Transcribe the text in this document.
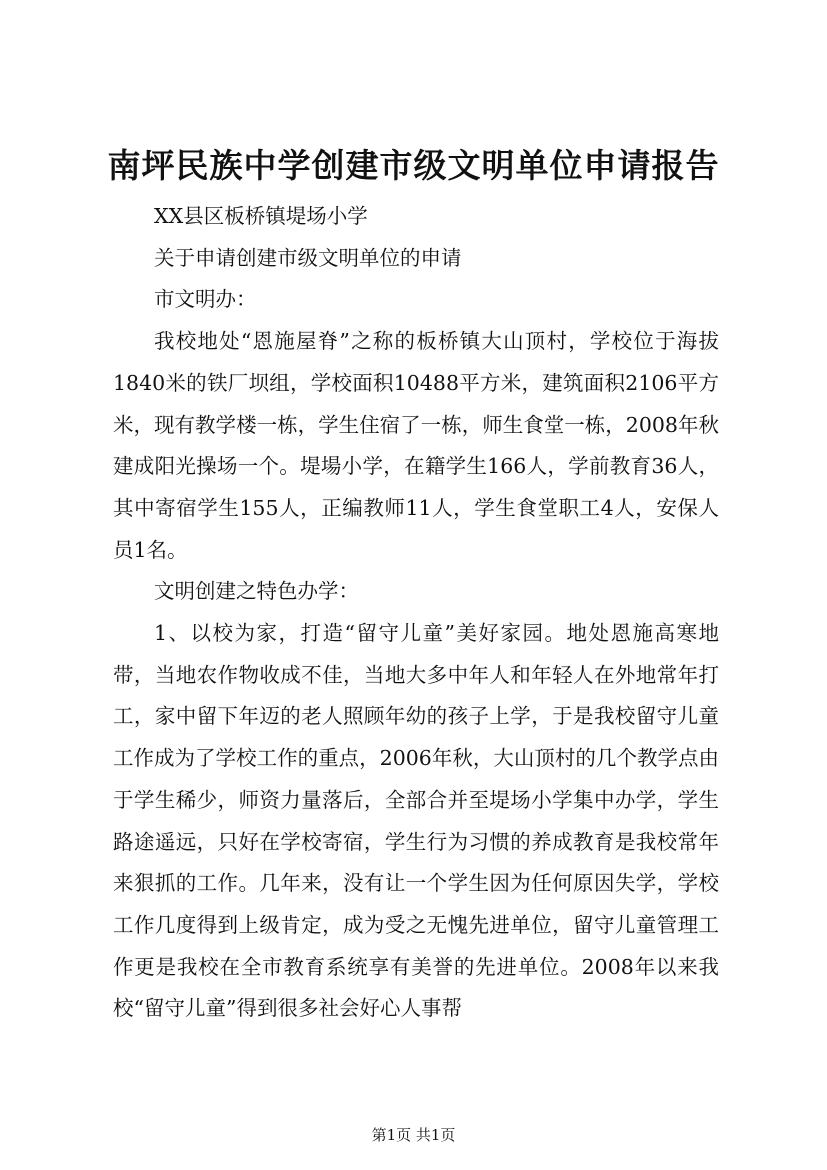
南坪民族中学创建市级文明单位申请报告

XX县区板桥镇堤场小学

关于申请创建市级文明单位的申请

市文明办：

我校地处“恩施屋脊”之称的板桥镇大山顶村，学校位于海拔1840米的铁厂坝组，学校面积10488平方米，建筑面积2106平方米，现有教学楼一栋，学生住宿了一栋，师生食堂一栋，2008年秋建成阳光操场一个。堤場小学，在籍学生166人，学前教育36人，其中寄宿学生155人，正编教师11人，学生食堂职工4人，安保人员1名。

文明创建之特色办学：

1、以校为家，打造“留守儿童”美好家园。地处恩施高寒地带，当地农作物收成不佳，当地大多中年人和年轻人在外地常年打工，家中留下年迈的老人照顾年幼的孩子上学，于是我校留守儿童工作成为了学校工作的重点，2006年秋，大山顶村的几个教学点由于学生稀少，师资力量落后，全部合并至堤场小学集中办学，学生路途遥远，只好在学校寄宿，学生行为习惯的养成教育是我校常年来狠抓的工作。几年来，没有让一个学生因为任何原因失学，学校工作几度得到上级肯定，成为受之无愧先进单位，留守儿童管理工作更是我校在全市教育系统享有美誉的先进单位。2008年以来我校“留守儿童”得到很多社会好心人事帮

第1页 共1页
